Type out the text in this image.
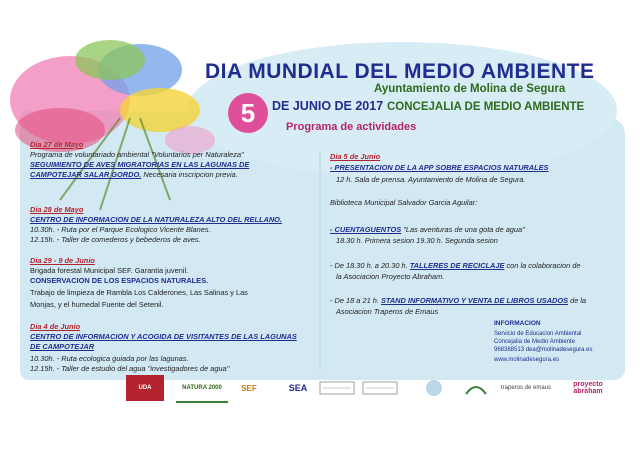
DIA MUNDIAL DEL MEDIO AMBIENTE
Ayuntamiento de Molina de Segura
5	DE JUNIO DE 2017 CONCEJALIA DE MEDIO AMBIENTE
Programa de actividades
Dia 27 de Mayo
Programa de voluntariado ambiental "Voluntarios per Naturaleza"
SEGUIMIENTO DE AVES MIGRATORIAS EN LAS LAGUNAS DE
CAMPOTEJAR SALAR GORDO. Necesaria inscripcion previa.
Dia 28 de Mayo
CENTRO DE INFORMACION DE LA NATURALEZA ALTO DEL RELLANO.
10.30h. - Ruta por el Parque Ecologico Vicente Blanes.
12.15h. - Taller de comederos y bebederos de aves.
Dia 29 - 9 de Junio
Brigada forestal Municipal SEF. Garantia juvenil.
CONSERVACION DE LOS ESPACIOS NATURALES.
Trabajo de limpieza de Rambla Los Calderones, Las Salinas y Las
Monjas, y el humedal Fuente del Setenil.
Dia 4 de Junio
CENTRO DE INFORMACION Y ACOGIDA DE VISITANTES DE LAS LAGUNAS
DE CAMPOTEJAR
10.30h. - Ruta ecologica guiada por las lagunas.
12.15h. - Taller de estudio del agua "investigadores de agua"
Dia 5 de Junio
- PRESENTACION DE LA APP SOBRE ESPACIOS NATURALES
12 h. Sala de prensa. Ayuntamiento de Molina de Segura.
Biblioteca Municipal Salvador Garcia Aguilar:
- CUENTAGUENTOS "Las aventuras de una gota de agua"
18.30 h. Primera sesion 19.30 h. Segunda sesion
- De 18.30 h. a 20.30 h. TALLERES DE RECICLAJE con la colaboracion de
la Asociacion Proyecto Abraham.
- De 18 a 21 h. STAND INFORMATIVO Y VENTA DE LIBROS USADOS de la
Asociacion Traperos de Emaus
INFORMACION
Servicio de Educacion Ambiental
Concejalia de Medio Ambiente
968388513 dea@molinadesegura.es
www.molinadesegura.es
UDA	NATURA 2000	SEF	SEA	traperos de emaus	proyecto abraham
